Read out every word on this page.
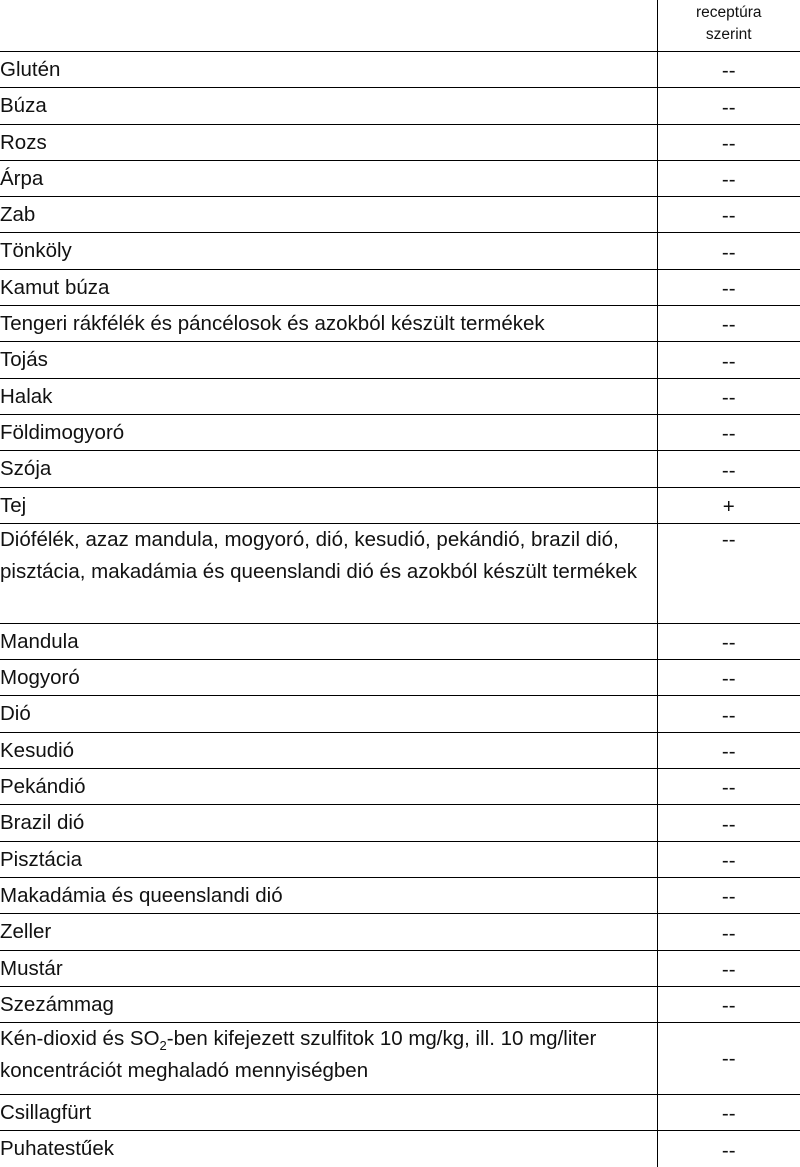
	receptúra
szerint
Glutén	--
Búza	--
Rozs	--
Árpa	--
Zab	--
Tönköly	--
Kamut búza	--
Tengeri rákfélék és páncélosok és azokból készült termékek	--
Tojás	--
Halak	--
Földimogyoró	--
Szója	--
Tej	+
Diófélék, azaz mandula, mogyoró, dió, kesudió, pekándió, brazil dió, pisztácia, makadámia és queenslandi dió és azokból készült termékek	--
Mandula	--
Mogyoró	--
Dió	--
Kesudió	--
Pekándió	--
Brazil dió	--
Pisztácia	--
Makadámia és queenslandi dió	--
Zeller	--
Mustár	--
Szezámmag	--
Kén-dioxid és $SO_2$-ben kifejezett szulfitok 10 mg/kg, ill. 10 mg/liter koncentrációt meghaladó mennyiségben	--
Csillagfürt	--
Puhatestűek	--
